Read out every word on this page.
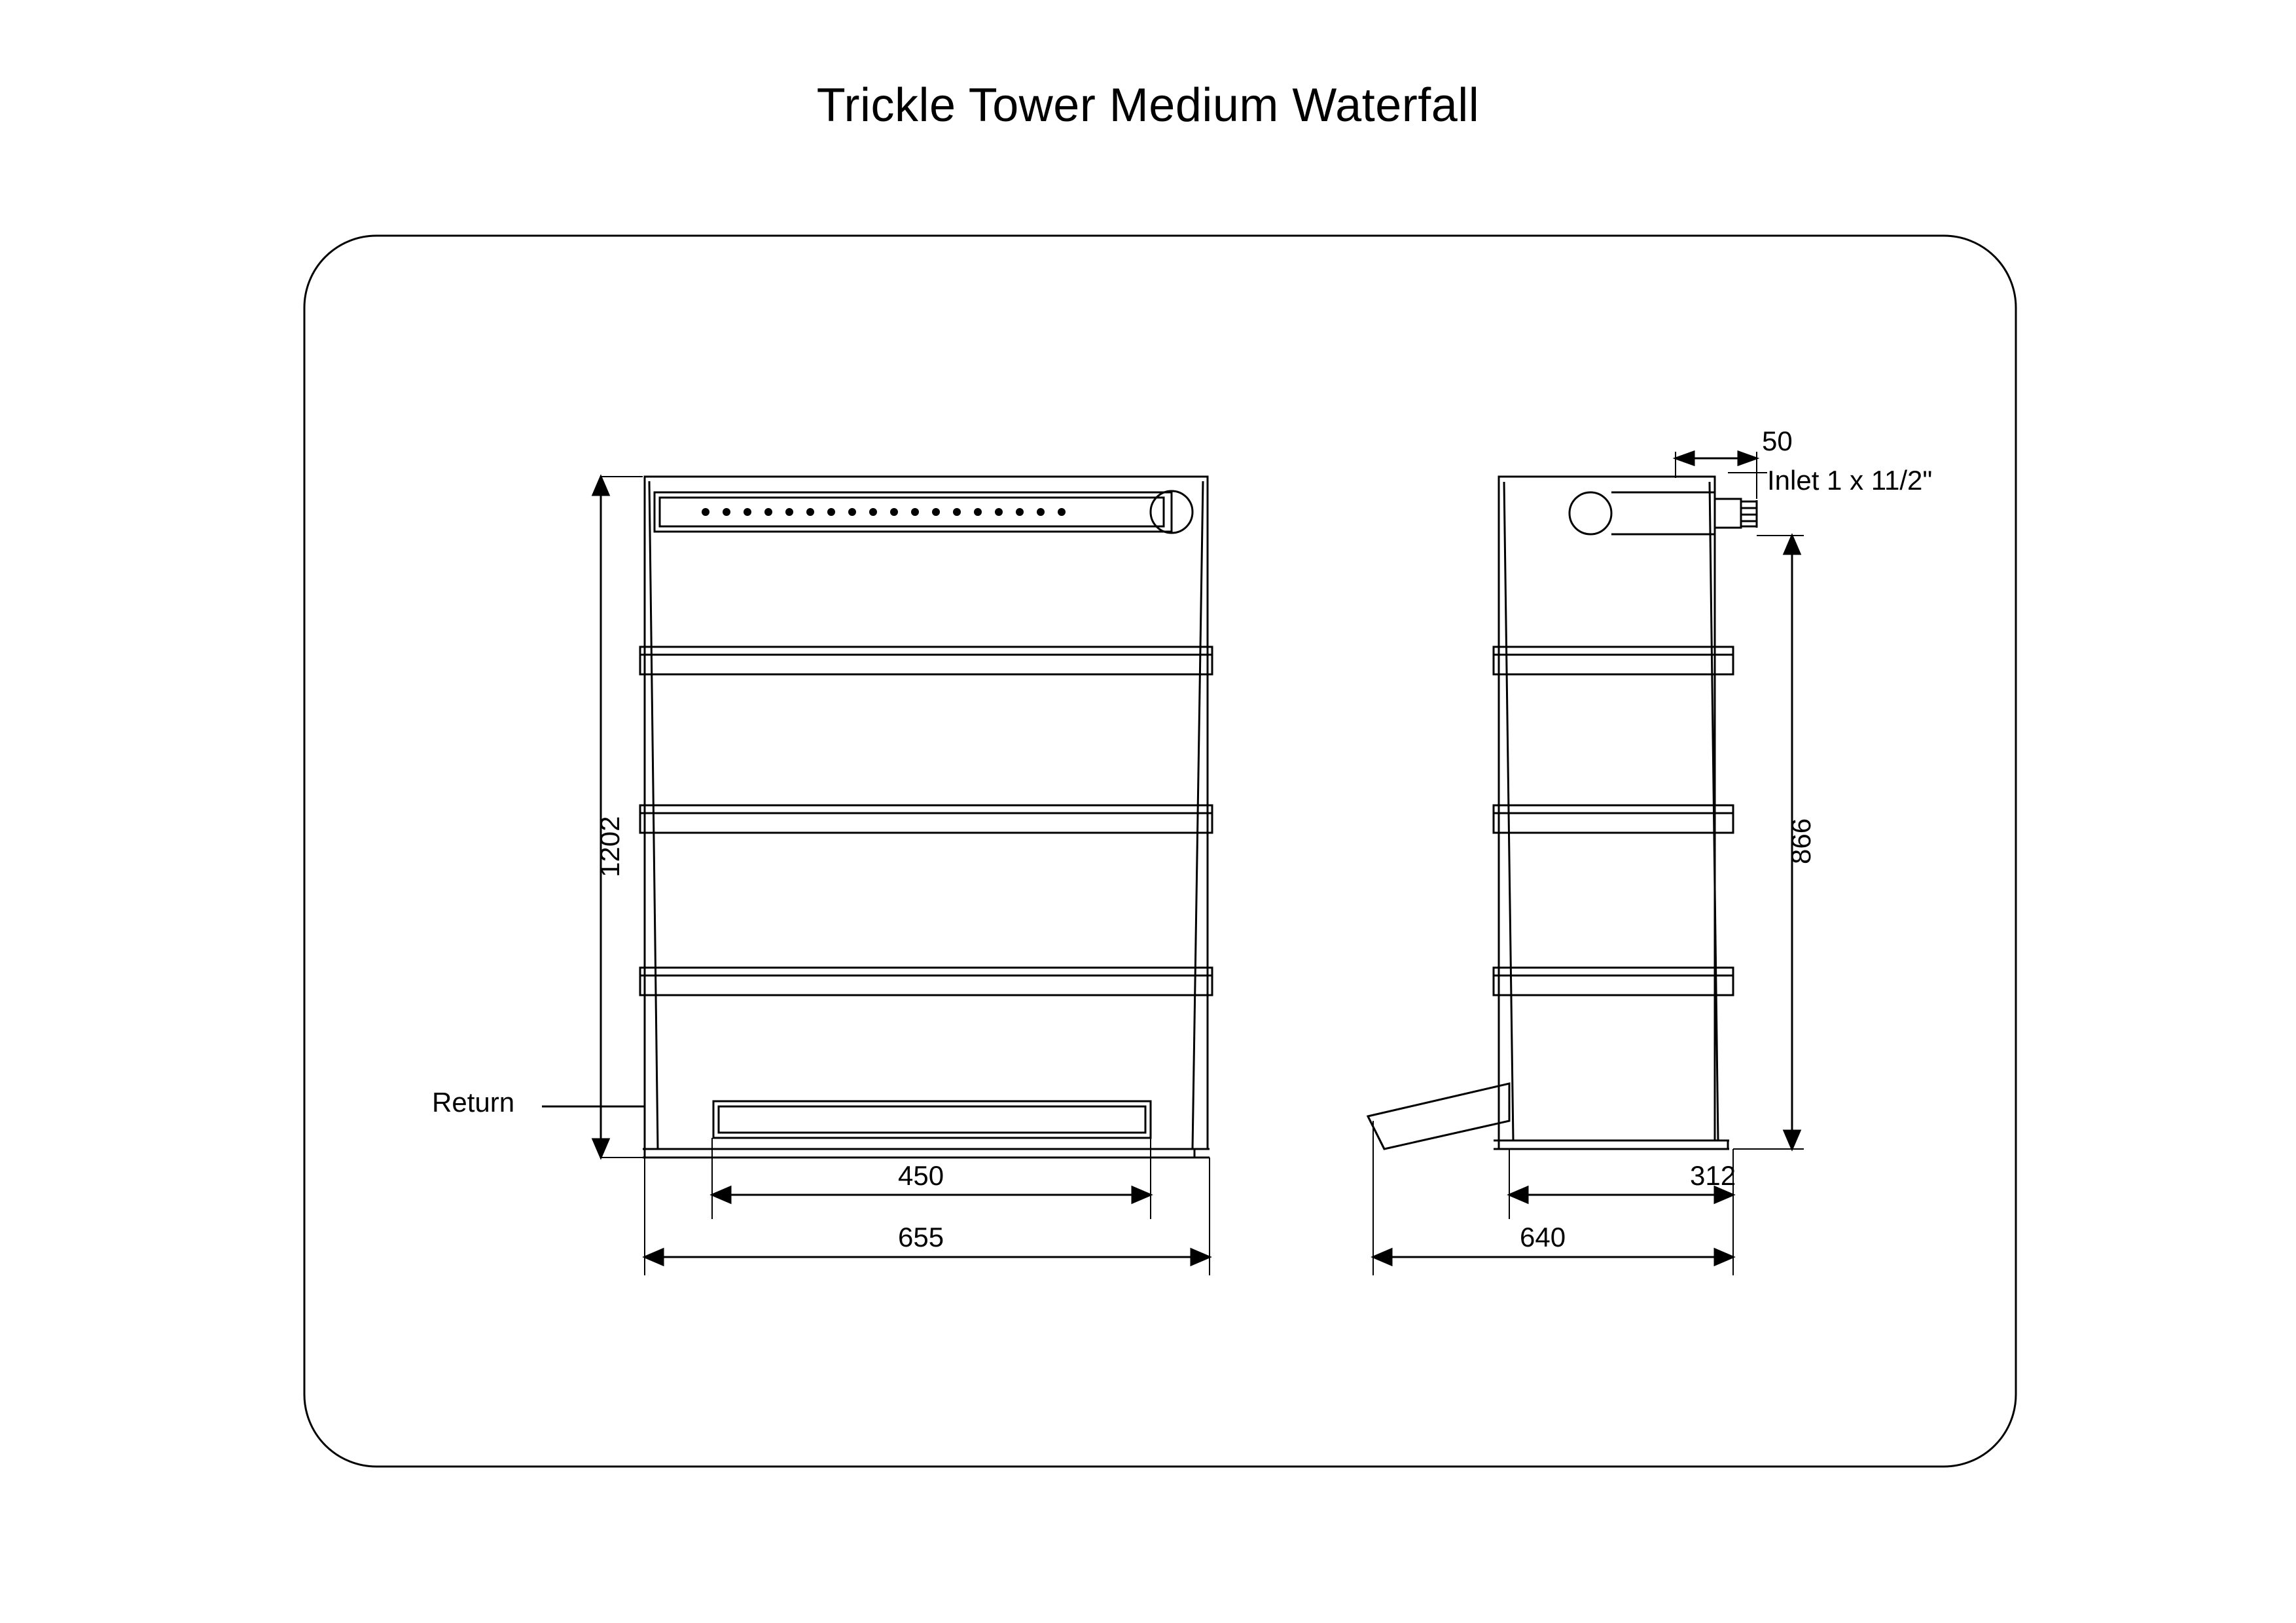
Trickle Tower Medium Waterfall
1202
450
655
Return
866
312
640
50
Inlet 1 x 11/2"
